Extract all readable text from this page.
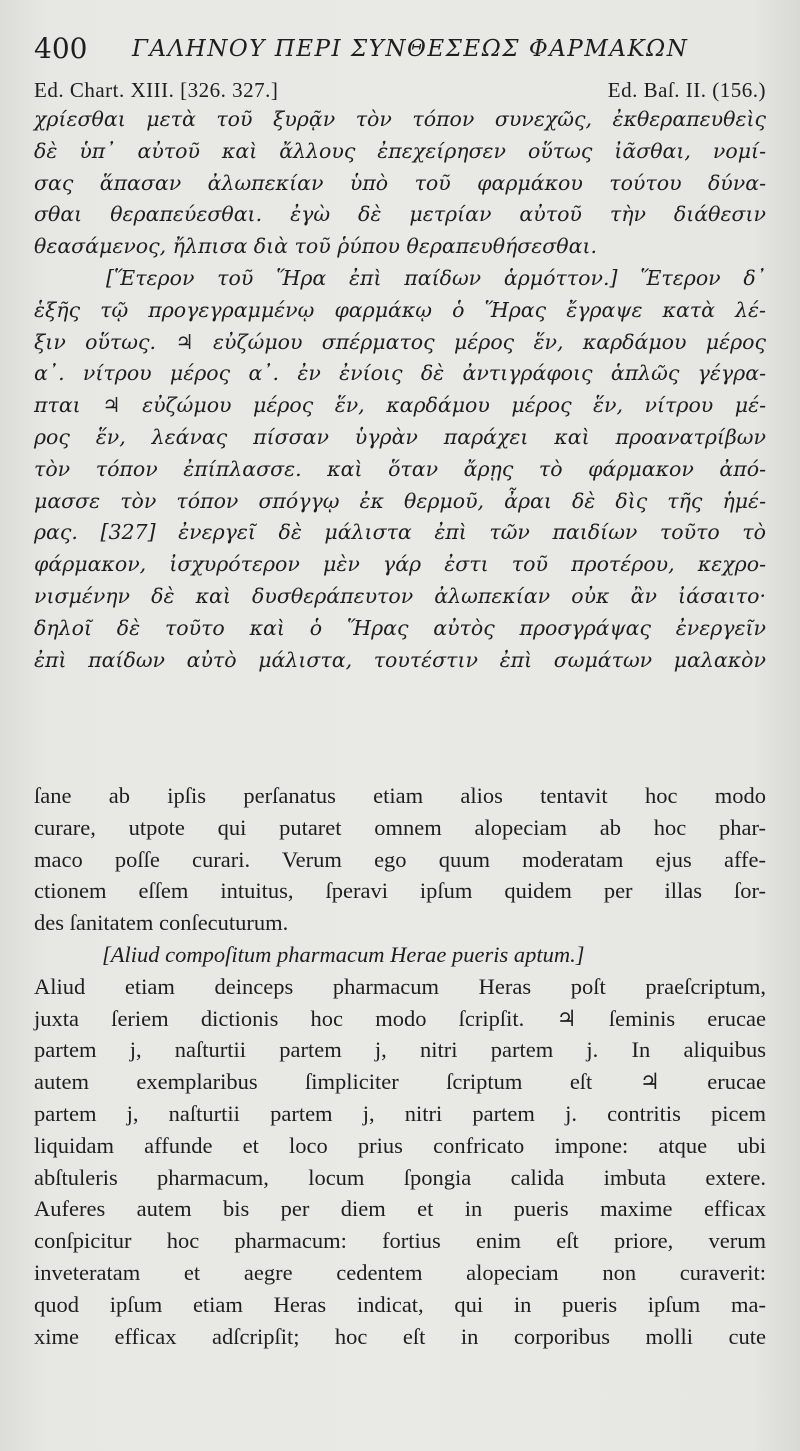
400 ΓΑΛΗΝΟΥ ΠΕΡΙ ΣΥΝΘΕΣΕΩΣ ΦΑΡΜΑΚΩΝ
Ed. Chart. XIII. [326. 327.]	Ed. Baſ. II. (156.)
χρίεσθαι μετὰ τοῦ ξυρᾷν τὸν τόπον συνεχῶς, ἐκθεραπευθεὶς
δὲ ὑπ᾽ αὐτοῦ καὶ ἄλλους ἐπεχείρησεν οὕτως ἰᾶσθαι, νομί-
σας ἅπασαν ἀλωπεκίαν ὑπὸ τοῦ φαρμάκου τούτου δύνα-
σθαι θεραπεύεσθαι. ἐγὼ δὲ μετρίαν αὐτοῦ τὴν διάθεσιν
θεασάμενος, ἤλπισα διὰ τοῦ ῥύπου θεραπευθήσεσθαι.
[Ἕτερον τοῦ Ἥρα ἐπὶ παίδων ἁρμόττον.] Ἕτερον δ᾽
ἑξῆς τῷ προγεγραμμένῳ φαρμάκῳ ὁ Ἥρας ἔγραψε κατὰ λέ-
ξιν οὕτως. ♃ εὐζώμου σπέρματος μέρος ἕν, καρδάμου μέρος
α᾽. νίτρου μέρος α᾽. ἐν ἐνίοις δὲ ἀντιγράφοις ἁπλῶς γέγρα-
πται ♃ εὐζώμου μέρος ἕν, καρδάμου μέρος ἕν, νίτρου μέ-
ρος ἕν, λεάνας πίσσαν ὑγρὰν παράχει καὶ προανατρίβων
τὸν τόπον ἐπίπλασσε. καὶ ὅταν ἄρῃς τὸ φάρμακον ἀπό-
μασσε τὸν τόπον σπόγγῳ ἐκ θερμοῦ, ἆραι δὲ δὶς τῆς ἡμέ-
ρας. [327] ἐνεργεῖ δὲ μάλιστα ἐπὶ τῶν παιδίων τοῦτο τὸ
φάρμακον, ἰσχυρότερον μὲν γάρ ἐστι τοῦ προτέρου, κεχρο-
νισμένην δὲ καὶ δυσθεράπευτον ἀλωπεκίαν οὐκ ἂν ἰάσαιτο·
δηλοῖ δὲ τοῦτο καὶ ὁ Ἥρας αὐτὸς προσγράψας ἐνεργεῖν
ἐπὶ παίδων αὐτὸ μάλιστα, τουτέστιν ἐπὶ σωμάτων μαλακὸν
ſane ab ipſis perſanatus etiam alios tentavit hoc modo
curare, utpote qui putaret omnem alopeciam ab hoc phar-
maco poſſe curari. Verum ego quum moderatam ejus affe-
ctionem eſſem intuitus, ſperavi ipſum quidem per illas ſor-
des ſanitatem conſecuturum.
[Aliud compoſitum pharmacum Herae pueris aptum.]
Aliud etiam deinceps pharmacum Heras poſt praeſcriptum,
juxta ſeriem dictionis hoc modo ſcripſit. ♃ ſeminis erucae
partem j, naſturtii partem j, nitri partem j. In aliquibus
autem exemplaribus ſimpliciter ſcriptum eſt ♃ erucae
partem j, naſturtii partem j, nitri partem j. contritis picem
liquidam affunde et loco prius confricato impone: atque ubi
abſtuleris pharmacum, locum ſpongia calida imbuta extere.
Auferes autem bis per diem et in pueris maxime efficax
conſpicitur hoc pharmacum: fortius enim eſt priore, verum
inveteratam et aegre cedentem alopeciam non curaverit:
quod ipſum etiam Heras indicat, qui in pueris ipſum ma-
xime efficax adſcripſit; hoc eſt in corporibus molli cute
